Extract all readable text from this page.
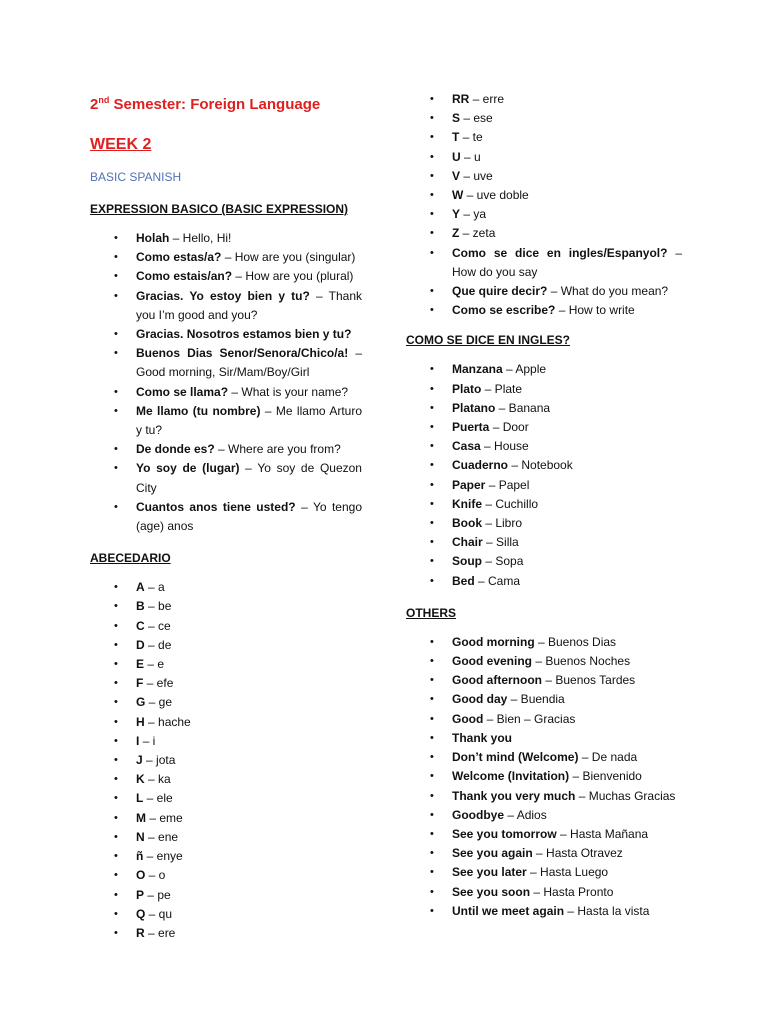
2nd Semester: Foreign Language
WEEK 2
BASIC SPANISH
EXPRESSION BASICO (BASIC EXPRESSION)
• Holah – Hello, Hi!
• Como estas/a? – How are you (singular)
• Como estais/an? – How are you (plural)
• Gracias. Yo estoy bien y tu? – Thank you I’m good and you?
• Gracias. Nosotros estamos bien y tu?
• Buenos Dias Senor/Senora/Chico/a! – Good morning, Sir/Mam/Boy/Girl
• Como se llama? – What is your name?
• Me llamo (tu nombre) – Me llamo Arturo y tu?
• De donde es? – Where are you from?
• Yo soy de (lugar) – Yo soy de Quezon City
• Cuantos anos tiene usted? – Yo tengo (age) anos
ABECEDARIO
• A – a
• B – be
• C – ce
• D – de
• E – e
• F – efe
• G – ge
• H – hache
• I – i
• J – jota
• K – ka
• L – ele
• M – eme
• N – ene
• ñ – enye
• O – o
• P – pe
• Q – qu
• R – ere
• RR – erre
• S – ese
• T – te
• U – u
• V – uve
• W – uve doble
• Y – ya
• Z – zeta
• Como se dice en ingles/Espanyol? – How do you say
• Que quire decir? – What do you mean?
• Como se escribe? – How to write
COMO SE DICE EN INGLES?
• Manzana – Apple
• Plato – Plate
• Platano – Banana
• Puerta – Door
• Casa – House
• Cuaderno – Notebook
• Paper – Papel
• Knife – Cuchillo
• Book – Libro
• Chair – Silla
• Soup – Sopa
• Bed – Cama
OTHERS
• Good morning – Buenos Dias
• Good evening – Buenos Noches
• Good afternoon – Buenos Tardes
• Good day – Buendia
• Good – Bien – Gracias
• Thank you
• Don’t mind (Welcome) – De nada
• Welcome (Invitation) – Bienvenido
• Thank you very much – Muchas Gracias
• Goodbye – Adios
• See you tomorrow – Hasta Mañana
• See you again – Hasta Otravez
• See you later – Hasta Luego
• See you soon – Hasta Pronto
• Until we meet again – Hasta la vista
